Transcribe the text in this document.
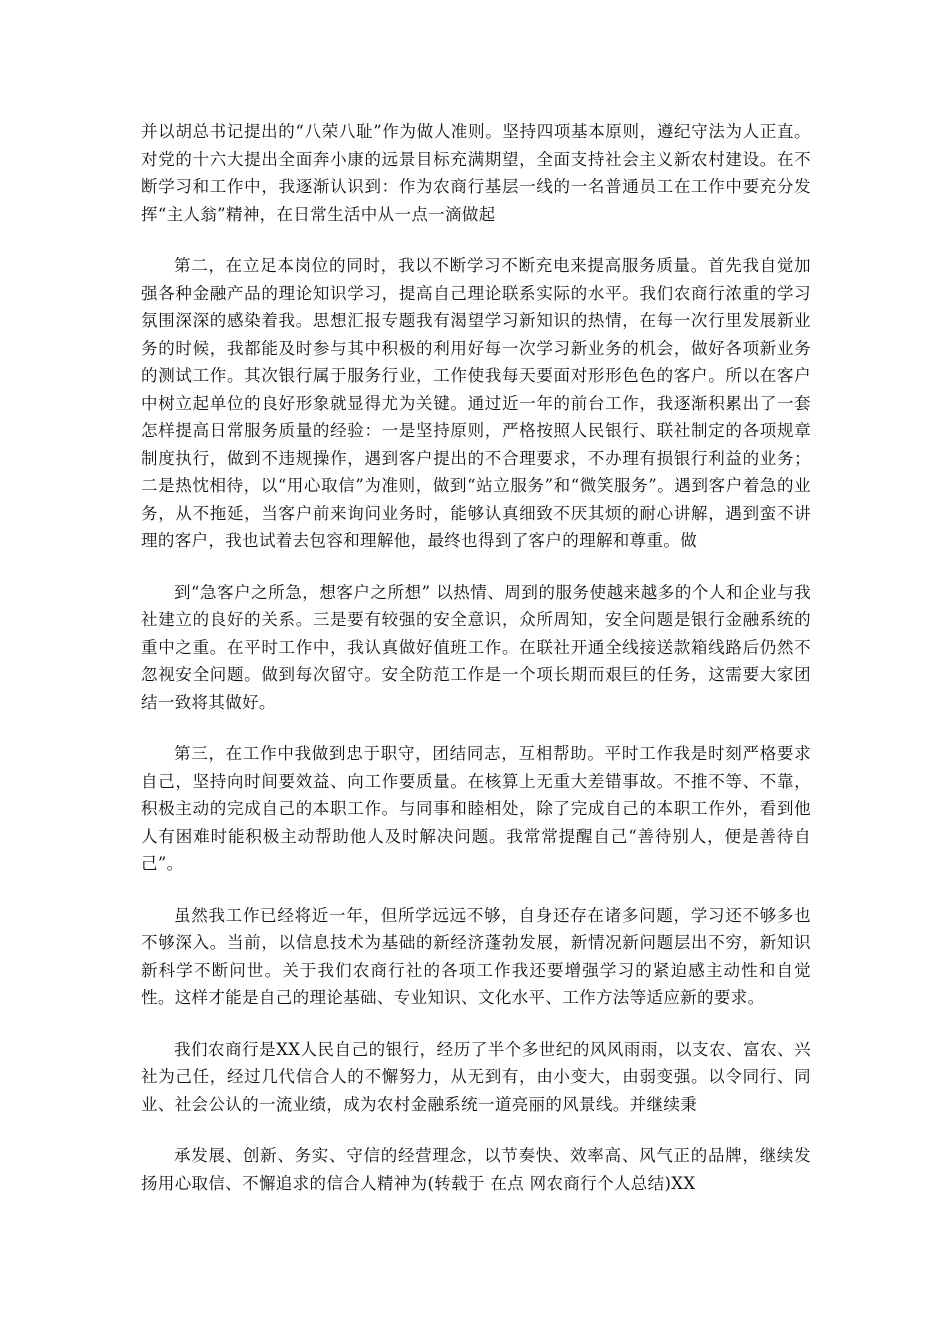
并以胡总书记提出的“八荣八耻”作为做人准则。坚持四项基本原则，遵纪守法为人正直。对党的十六大提出全面奔小康的远景目标充满期望，全面支持社会主义新农村建设。在不断学习和工作中，我逐渐认识到：作为农商行基层一线的一名普通员工在工作中要充分发挥“主人翁”精神，在日常生活中从一点一滴做起

第二，在立足本岗位的同时，我以不断学习不断充电来提高服务质量。首先我自觉加强各种金融产品的理论知识学习，提高自己理论联系实际的水平。我们农商行浓重的学习氛围深深的感染着我。思想汇报专题我有渴望学习新知识的热情，在每一次行里发展新业务的时候，我都能及时参与其中积极的利用好每一次学习新业务的机会，做好各项新业务的测试工作。其次银行属于服务行业，工作使我每天要面对形形色色的客户。所以在客户中树立起单位的良好形象就显得尤为关键。通过近一年的前台工作，我逐渐积累出了一套怎样提高日常服务质量的经验：一是坚持原则，严格按照人民银行、联社制定的各项规章制度执行，做到不违规操作，遇到客户提出的不合理要求，不办理有损银行利益的业务；二是热忱相待，以“用心取信”为准则，做到“站立服务”和“微笑服务”。遇到客户着急的业务，从不拖延，当客户前来询问业务时，能够认真细致不厌其烦的耐心讲解，遇到蛮不讲理的客户，我也试着去包容和理解他，最终也得到了客户的理解和尊重。做

到“急客户之所急，想客户之所想” 以热情、周到的服务使越来越多的个人和企业与我社建立的良好的关系。三是要有较强的安全意识，众所周知，安全问题是银行金融系统的重中之重。在平时工作中，我认真做好值班工作。在联社开通全线接送款箱线路后仍然不忽视安全问题。做到每次留守。安全防范工作是一个项长期而艰巨的任务，这需要大家团结一致将其做好。

第三，在工作中我做到忠于职守，团结同志，互相帮助。平时工作我是时刻严格要求自己，坚持向时间要效益、向工作要质量。在核算上无重大差错事故。不推不等、不靠，积极主动的完成自己的本职工作。与同事和睦相处，除了完成自己的本职工作外，看到他人有困难时能积极主动帮助他人及时解决问题。我常常提醒自己“善待别人，便是善待自己”。

虽然我工作已经将近一年，但所学远远不够，自身还存在诸多问题，学习还不够多也不够深入。当前，以信息技术为基础的新经济蓬勃发展，新情况新问题层出不穷，新知识新科学不断问世。关于我们农商行社的各项工作我还要增强学习的紧迫感主动性和自觉性。这样才能是自己的理论基础、专业知识、文化水平、工作方法等适应新的要求。

我们农商行是XX人民自己的银行，经历了半个多世纪的风风雨雨，以支农、富农、兴社为己任，经过几代信合人的不懈努力，从无到有，由小变大，由弱变强。以令同行、同业、社会公认的一流业绩，成为农村金融系统一道亮丽的风景线。并继续秉

承发展、创新、务实、守信的经营理念，以节奏快、效率高、风气正的品牌，继续发扬用心取信、不懈追求的信合人精神为(转载于 在点 网农商行个人总结)XX
